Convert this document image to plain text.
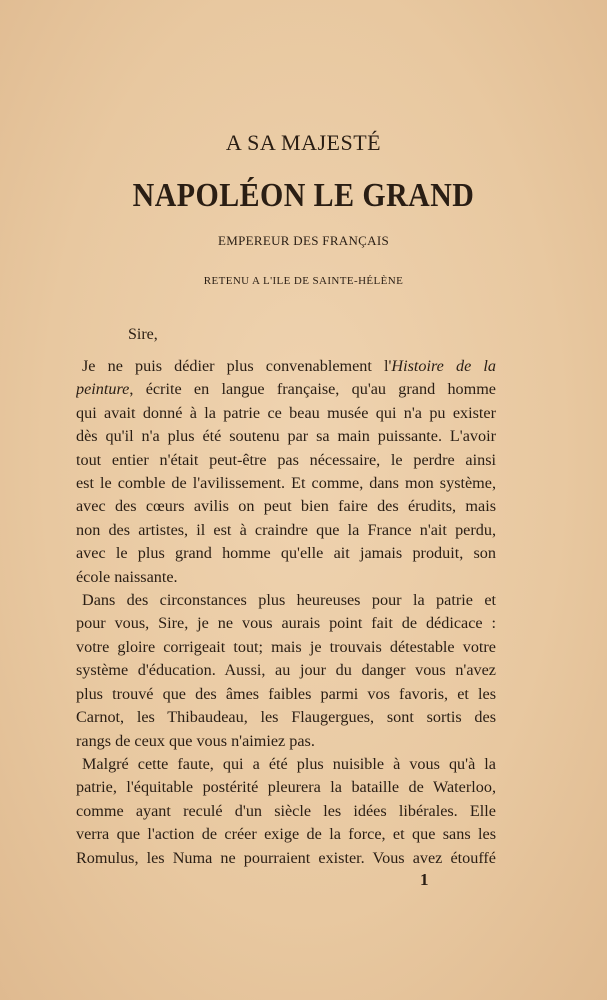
A SA MAJESTÉ
NAPOLÉON LE GRAND
EMPEREUR DES FRANÇAIS
RETENU A L'ILE DE SAINTE-HÉLÈNE
Sire,
Je ne puis dédier plus convenablement l'Histoire de la
peinture, écrite en langue française, qu'au grand homme
qui avait donné à la patrie ce beau musée qui n'a pu exister
dès qu'il n'a plus été soutenu par sa main puissante. L'avoir
tout entier n'était peut-être pas nécessaire, le perdre ainsi
est le comble de l'avilissement. Et comme, dans mon système,
avec des cœurs avilis on peut bien faire des érudits, mais
non des artistes, il est à craindre que la France n'ait perdu,
avec le plus grand homme qu'elle ait jamais produit, son
école naissante.
Dans des circonstances plus heureuses pour la patrie et
pour vous, Sire, je ne vous aurais point fait de dédicace :
votre gloire corrigeait tout; mais je trouvais détestable votre
système d'éducation. Aussi, au jour du danger vous n'avez
plus trouvé que des âmes faibles parmi vos favoris, et les
Carnot, les Thibaudeau, les Flaugergues, sont sortis des
rangs de ceux que vous n'aimiez pas.
Malgré cette faute, qui a été plus nuisible à vous qu'à la
patrie, l'équitable postérité pleurera la bataille de Waterloo,
comme ayant reculé d'un siècle les idées libérales. Elle
verra que l'action de créer exige de la force, et que sans les
Romulus, les Numa ne pourraient exister. Vous avez étouffé
1
